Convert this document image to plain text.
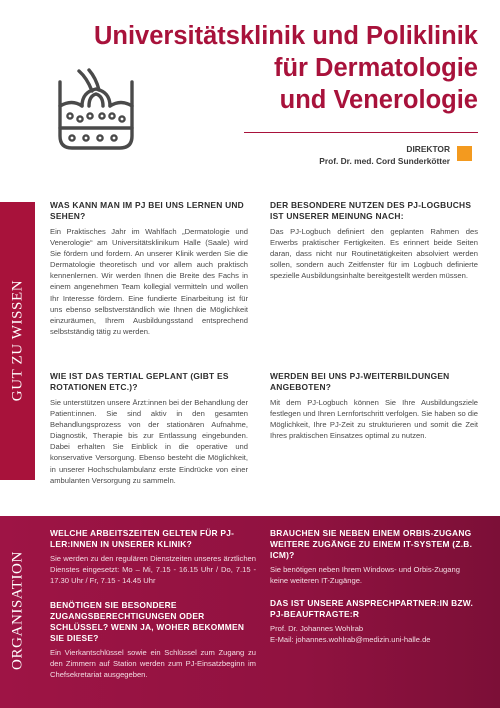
Universitätsklinik und Poliklinik
für Dermatologie
und Venerologie
DIREKTOR
Prof. Dr. med. Cord Sunderkötter
GUT ZU WISSEN
WAS KANN MAN IM PJ BEI UNS LERNEN UND SEHEN?
Ein Praktisches Jahr im Wahlfach „Dermatologie und Venerologie“ am Universitätsklinikum Halle (Saale) wird Sie fördern und fordern. An unserer Klinik werden Sie die Dermatologie theoretisch und vor allem auch praktisch kennenlernen. Wir werden Ihnen die Breite des Fachs in einem angenehmen Team kollegial vermitteln und wollen Ihr Interesse fördern. Eine fundierte Einarbeitung ist für uns ebenso selbstverständlich wie Ihnen die Möglichkeit einzuräumen, Ihrem Ausbildungsstand entsprechend selbstständig tätig zu werden.
DER BESONDERE NUTZEN DES PJ-LOGBUCHS IST UNSERER MEINUNG NACH:
Das PJ-Logbuch definiert den geplanten Rahmen des Erwerbs praktischer Fertigkeiten. Es erinnert beide Seiten daran, dass nicht nur Routinetätigkeiten absolviert werden sollen, sondern auch Zeitfenster für im Logbuch definierte spezielle Ausbildungsinhalte bereitgestellt werden müssen.
WIE IST DAS TERTIAL GEPLANT (GIBT ES ROTATIONEN ETC.)?
Sie unterstützen unsere Ärzt:innen bei der Behandlung der Patient:innen. Sie sind aktiv in den gesamten Behandlungsprozess von der stationären Aufnahme, Diagnostik, Therapie bis zur Entlassung eingebunden. Dabei erhalten Sie Einblick in die operative und konservative Versorgung. Ebenso besteht die Möglichkeit, in unserer Hochschulambulanz erste Eindrücke von einer ambulanten Versorgung zu sammeln.
WERDEN BEI UNS PJ-WEITERBILDUNGEN ANGEBOTEN?
Mit dem PJ-Logbuch können Sie Ihre Ausbildungsziele festlegen und Ihren Lernfortschritt verfolgen. Sie haben so die Möglichkeit, Ihre PJ-Zeit zu strukturieren und somit die Zeit Ihres praktischen Einsatzes optimal zu nutzen.
ORGANISATION
WELCHE ARBEITSZEITEN GELTEN FÜR PJ-LER:INNEN IN UNSERER KLINIK?
Sie werden zu den regulären Dienstzeiten unseres ärztlichen Dienstes eingesetzt: Mo – Mi, 7.15 - 16.15 Uhr / Do, 7.15 - 17.30 Uhr / Fr, 7.15 - 14.45 Uhr
BENÖTIGEN SIE BESONDERE ZUGANGSBERECHTIGUNGEN ODER SCHLÜSSEL? WENN JA, WOHER BEKOMMEN SIE DIESE?
Ein Vierkantschlüssel sowie ein Schlüssel zum Zugang zu den Zimmern auf Station werden zum PJ-Einsatzbeginn im Chefsekretariat ausgegeben.
BRAUCHEN SIE NEBEN EINEM ORBIS-ZUGANG WEITERE ZUGÄNGE ZU EINEM IT-SYSTEM (Z.B. ICM)?
Sie benötigen neben Ihrem Windows- und Orbis-Zugang keine weiteren IT-Zugänge.
DAS IST UNSERE ANSPRECHPARTNER:IN BZW. PJ-BEAUFTRAGTE:R
Prof. Dr. Johannes Wohlrab
E-Mail: johannes.wohlrab@medizin.uni-halle.de
